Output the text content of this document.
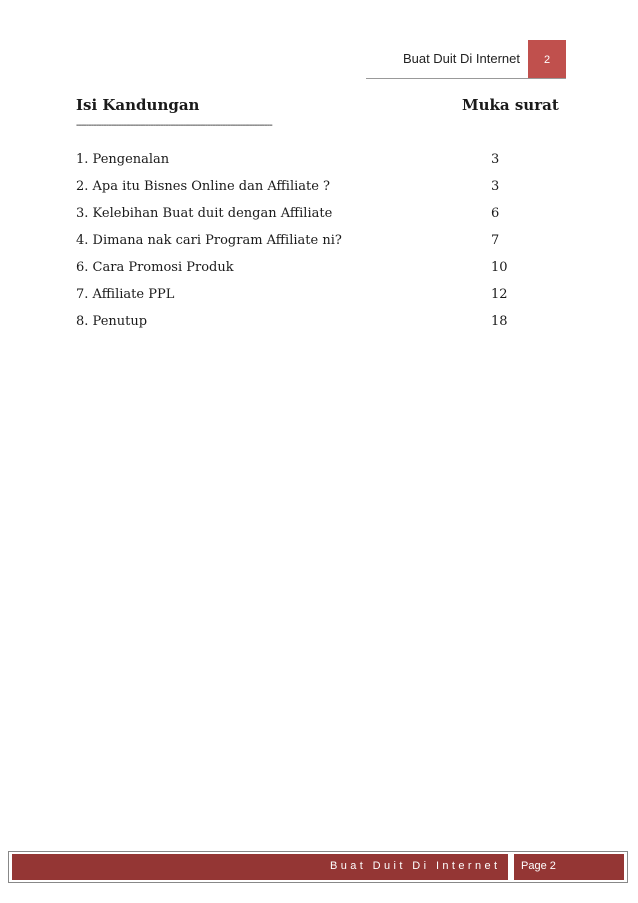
Buat Duit Di Internet 2
Isi Kandungan	Muka surat
-------------------------------------------------------------------------------
1. Pengenalan	3
2. Apa itu Bisnes Online dan Affiliate ?	3
3. Kelebihan Buat duit dengan Affiliate	6
4. Dimana nak cari Program Affiliate ni?	7
6. Cara Promosi Produk	10
7. Affiliate PPL	12
8. Penutup	18
Buat Duit Di Internet Page 2
